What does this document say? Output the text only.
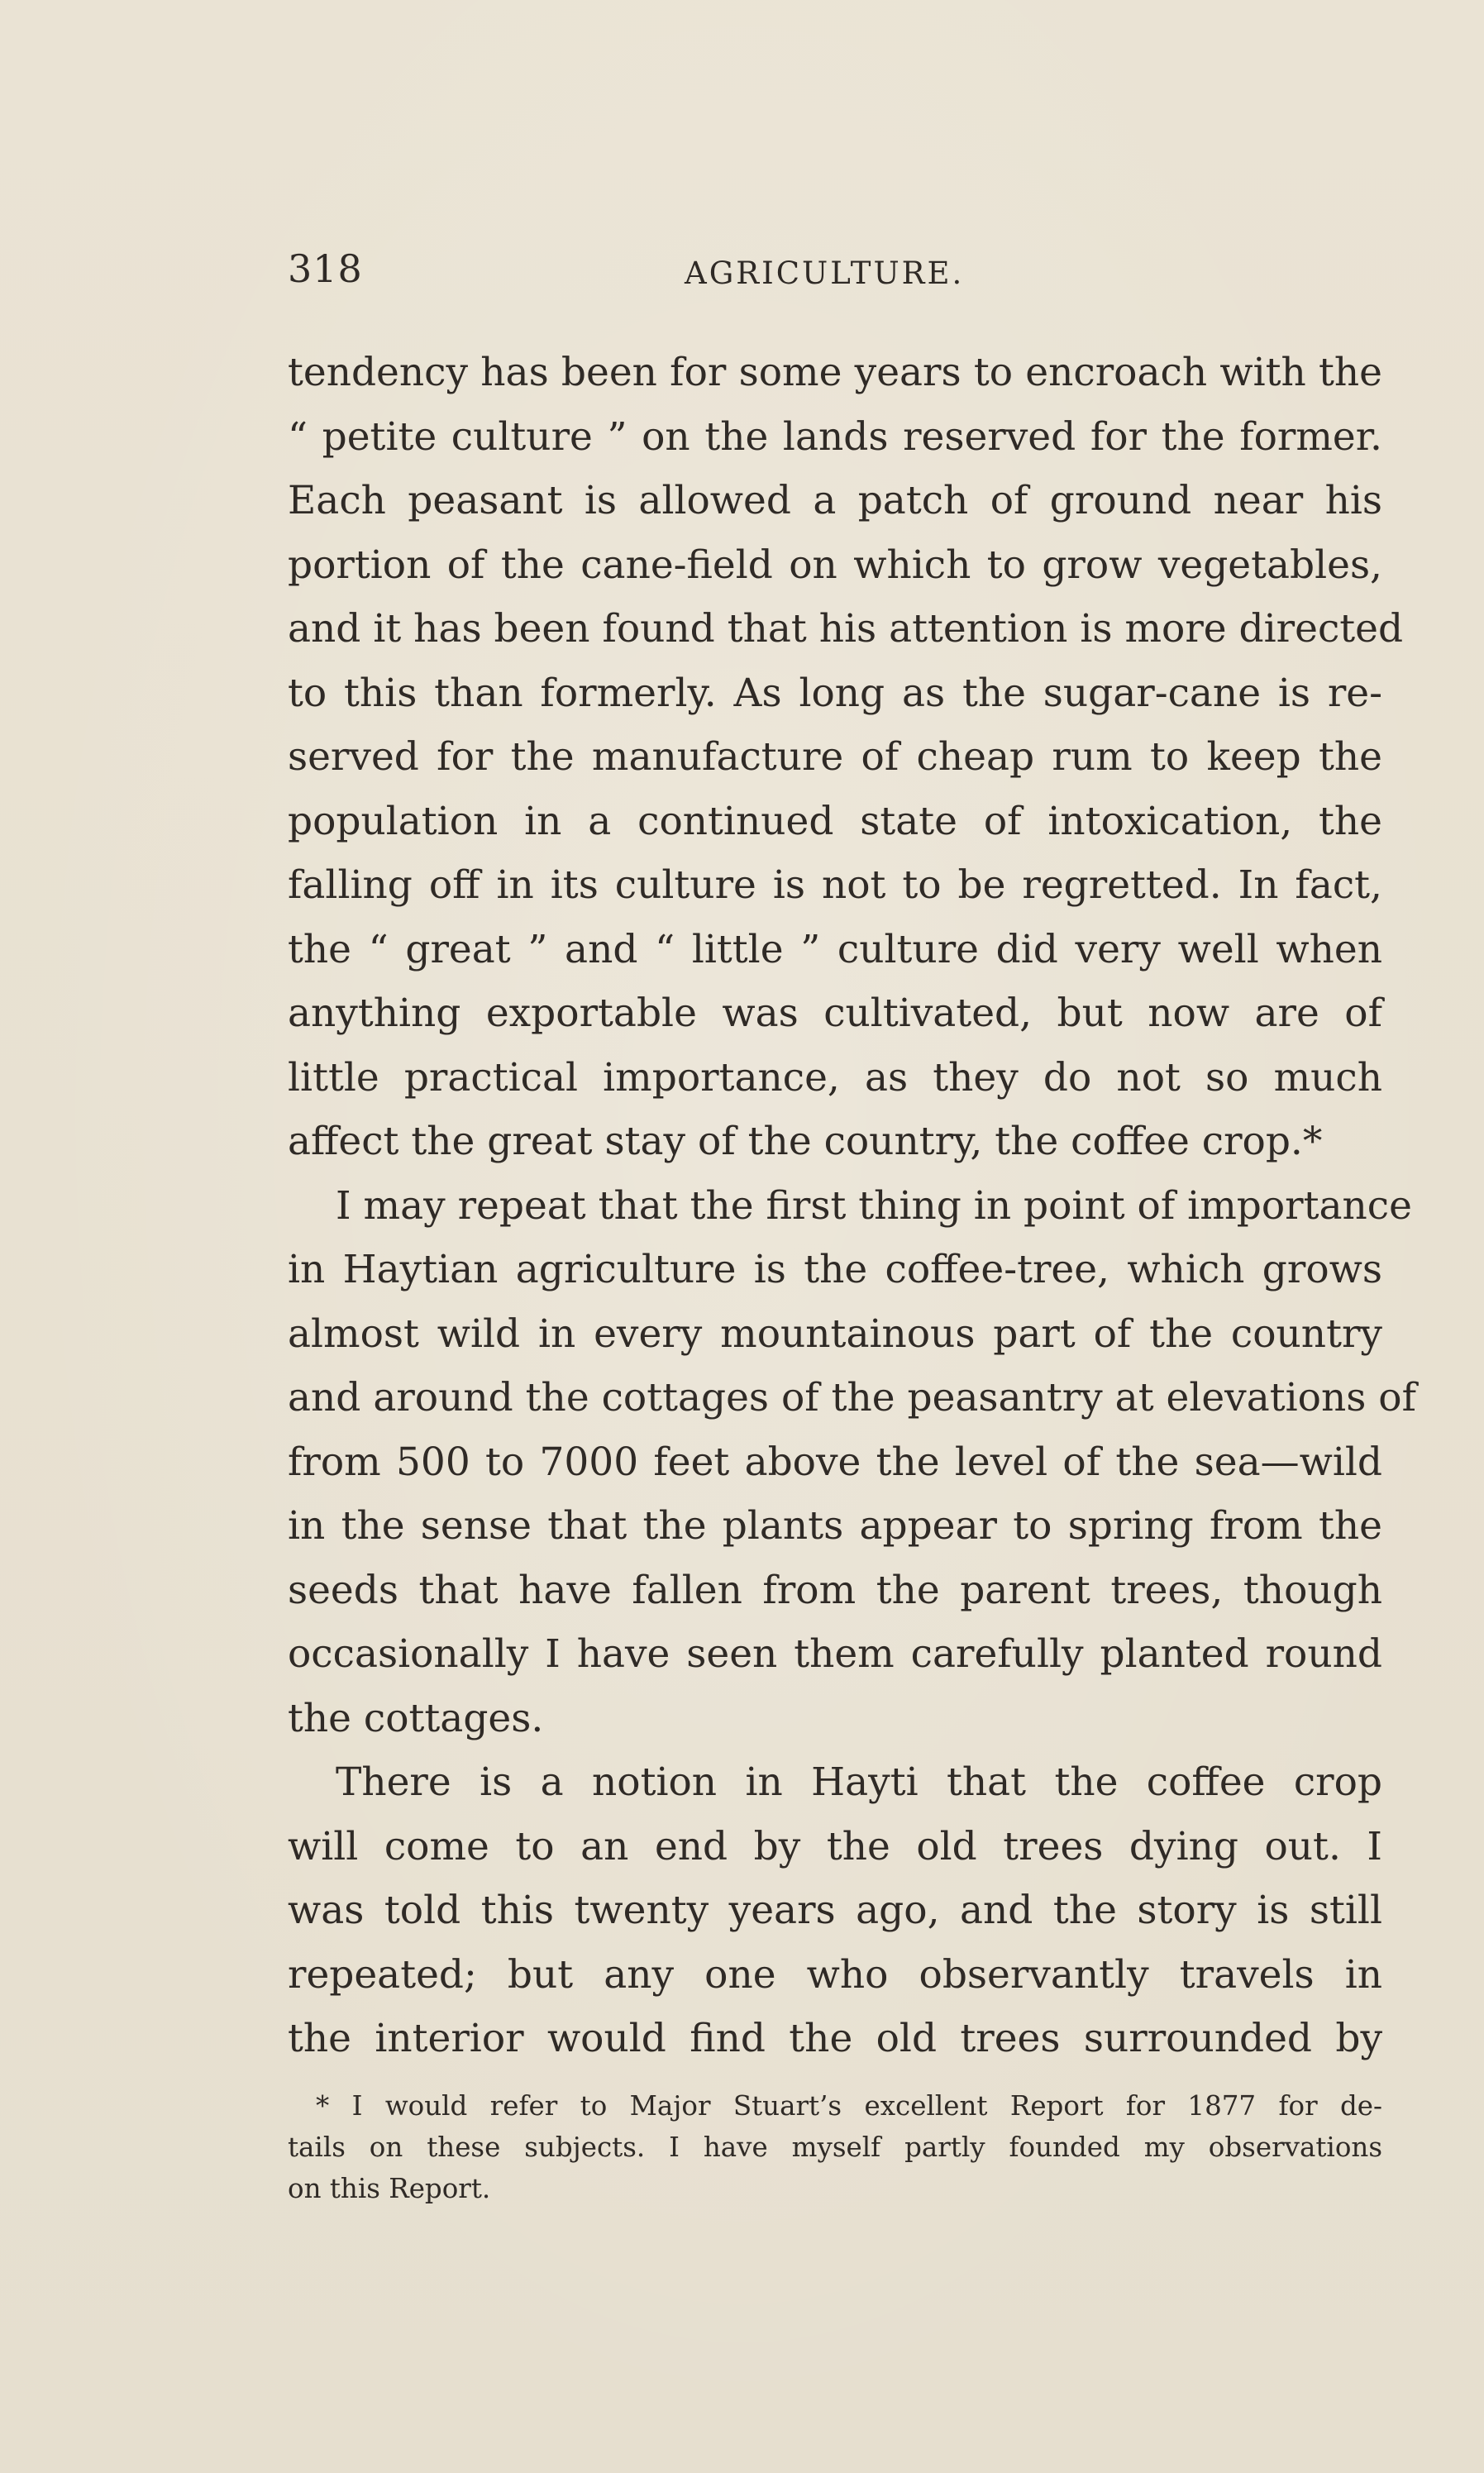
318	AGRICULTURE.
tendency has been for some years to encroach with the
“ petite culture ” on the lands reserved for the former.
Each peasant is allowed a patch of ground near his
portion of the cane-field on which to grow vegetables,
and it has been found that his attention is more directed
to this than formerly. As long as the sugar-cane is re-
served for the manufacture of cheap rum to keep the
population in a continued state of intoxication, the
falling off in its culture is not to be regretted. In fact,
the “ great ” and “ little ” culture did very well when
anything exportable was cultivated, but now are of
little practical importance, as they do not so much
affect the great stay of the country, the coffee crop.*
I may repeat that the first thing in point of importance
in Haytian agriculture is the coffee-tree, which grows
almost wild in every mountainous part of the country
and around the cottages of the peasantry at elevations of
from 500 to 7000 feet above the level of the sea—wild
in the sense that the plants appear to spring from the
seeds that have fallen from the parent trees, though
occasionally I have seen them carefully planted round
the cottages.
There is a notion in Hayti that the coffee crop
will come to an end by the old trees dying out. I
was told this twenty years ago, and the story is still
repeated; but any one who observantly travels in
the interior would find the old trees surrounded by
* I would refer to Major Stuart’s excellent Report for 1877 for de-
tails on these subjects. I have myself partly founded my observations
on this Report.
